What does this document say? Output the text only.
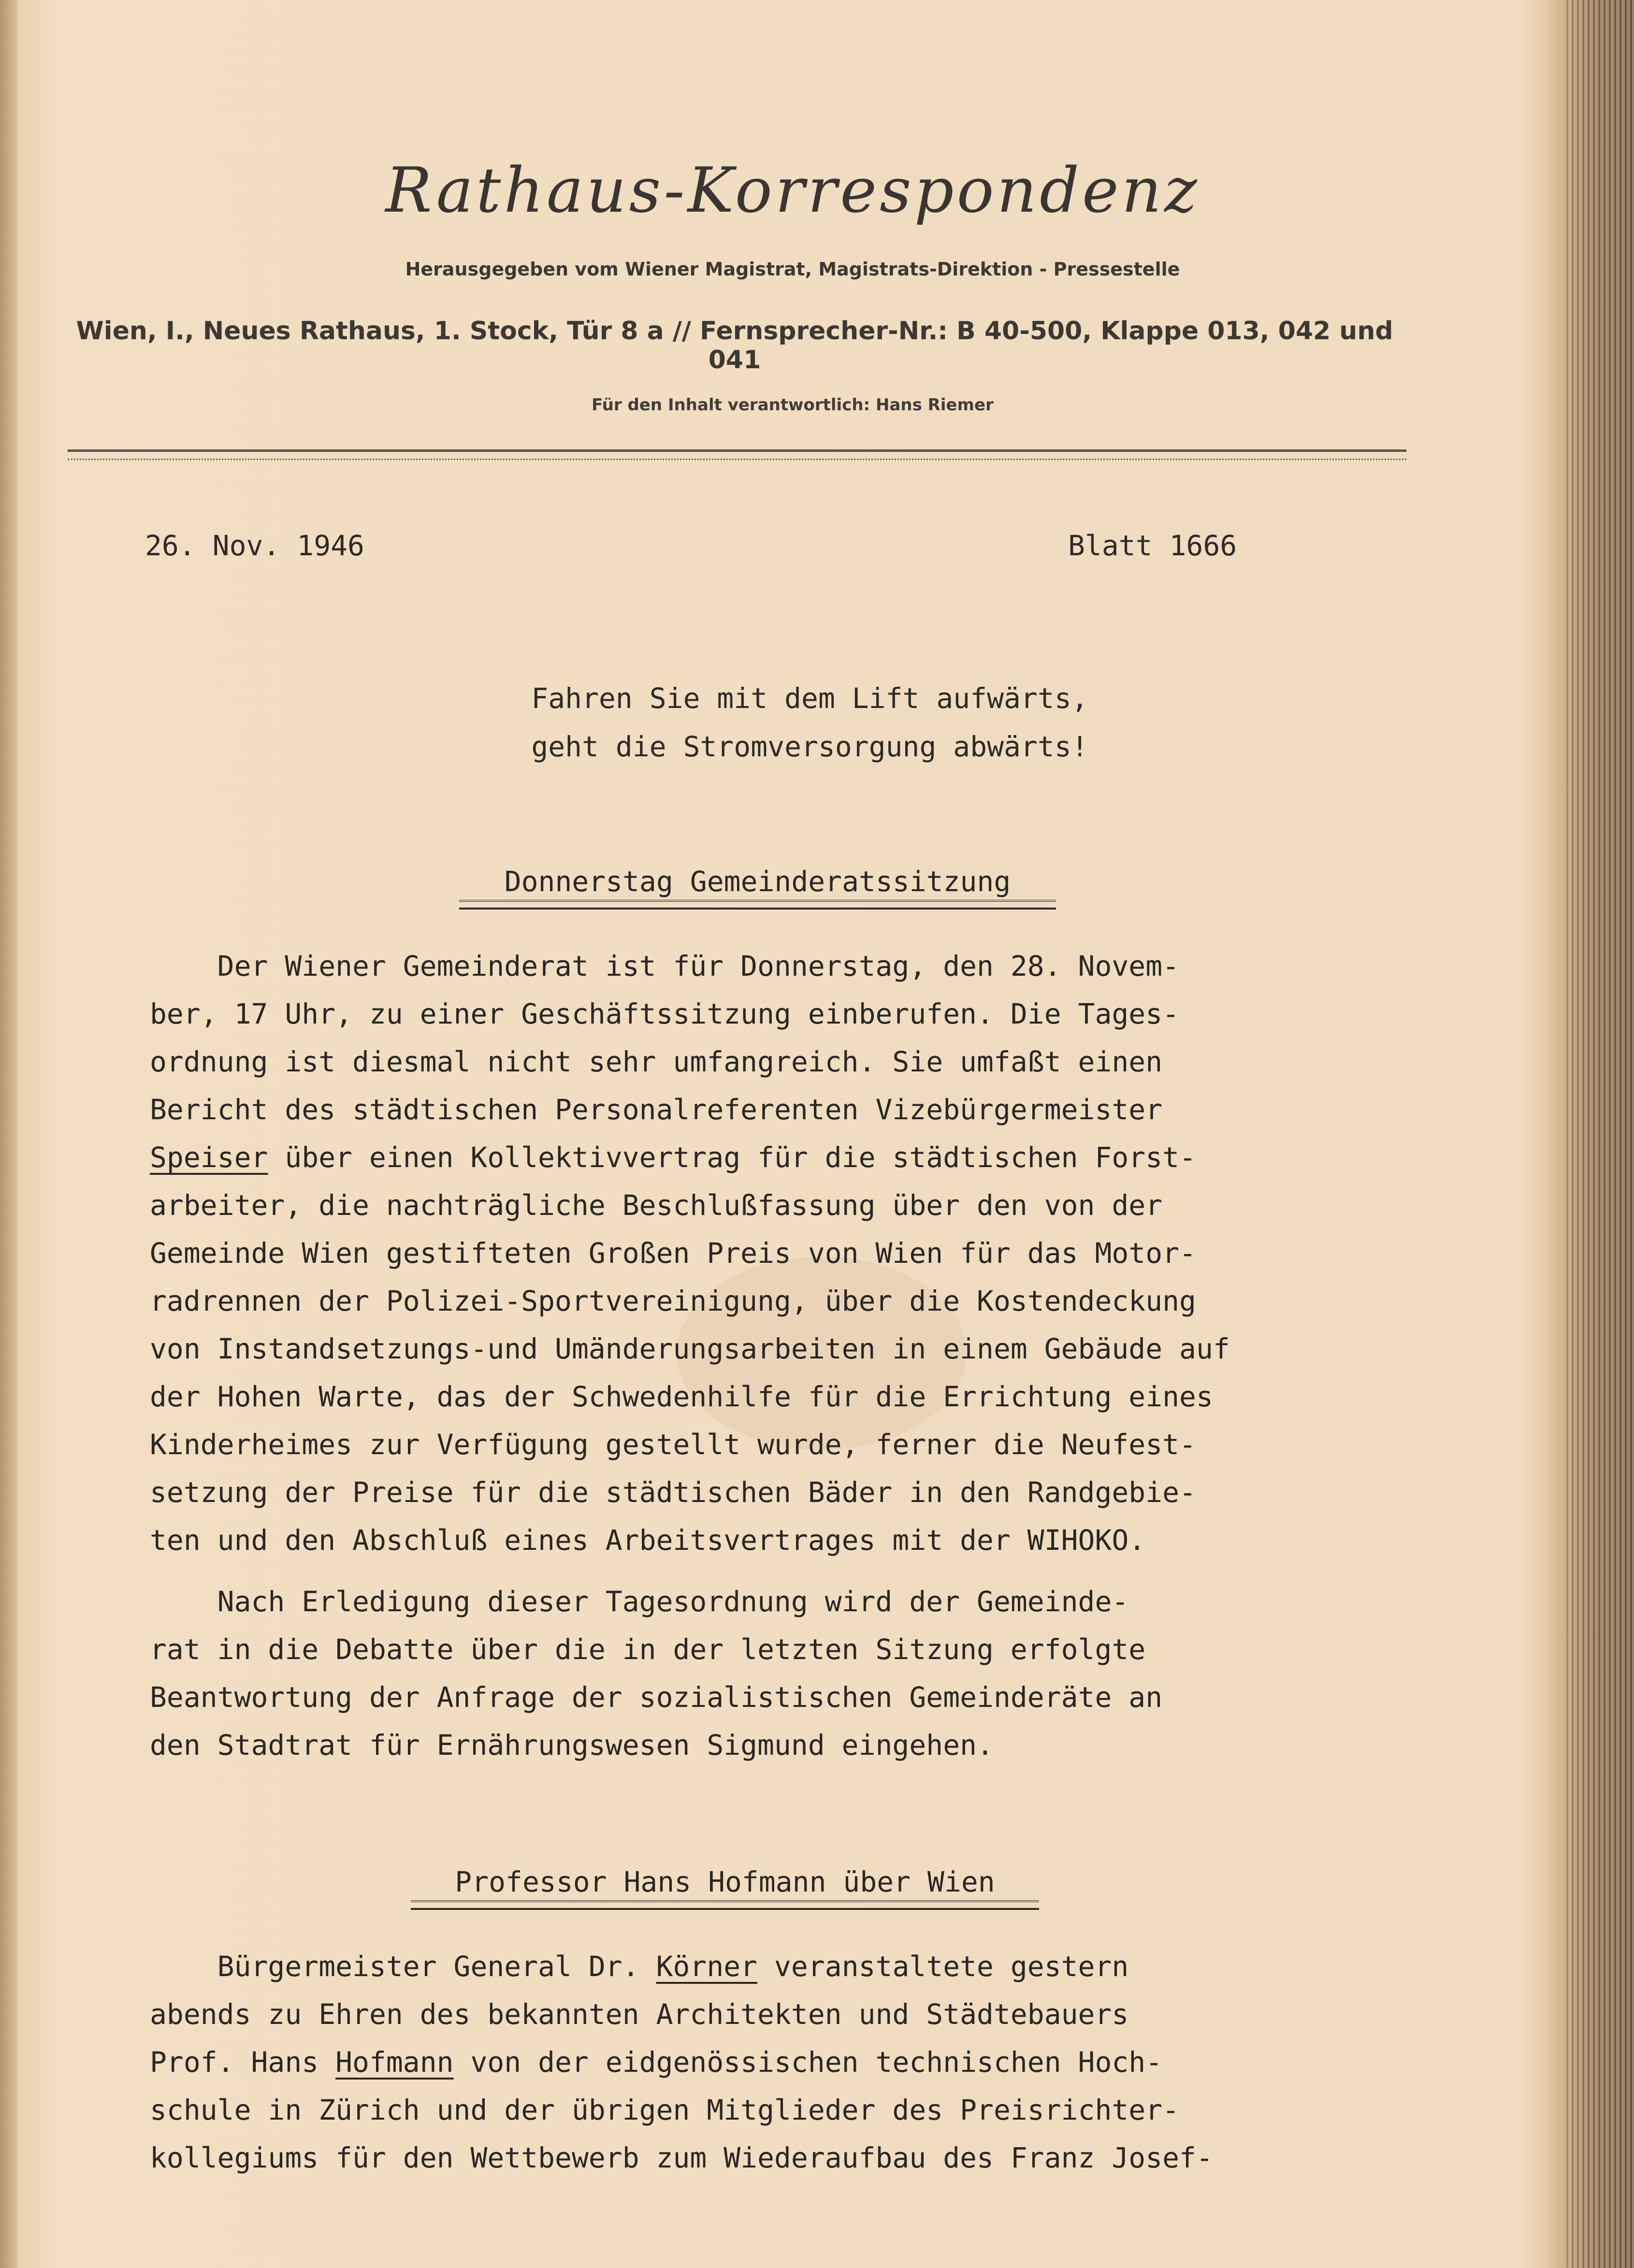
Rathaus-Korrespondenz
Herausgegeben vom Wiener Magistrat, Magistrats-Direktion - Pressestelle
Wien, I., Neues Rathaus, 1. Stock, Tür 8 a // Fernsprecher-Nr.: B 40-500, Klappe 013, 042 und 041
Für den Inhalt verantwortlich: Hans Riemer
26. Nov. 1946	Blatt 1666
Fahren Sie mit dem Lift aufwärts,
geht die Stromversorgung abwärts!
Donnerstag Gemeinderatssitzung
Der Wiener Gemeinderat ist für Donnerstag, den 28. Novem-
ber, 17 Uhr, zu einer Geschäftssitzung einberufen. Die Tages-
ordnung ist diesmal nicht sehr umfangreich. Sie umfaßt einen
Bericht des städtischen Personalreferenten Vizebürgermeister
Speiser über einen Kollektivvertrag für die städtischen Forst-
arbeiter, die nachträgliche Beschlußfassung über den von der
Gemeinde Wien gestifteten Großen Preis von Wien für das Motor-
radrennen der Polizei-Sportvereinigung, über die Kostendeckung
von Instandsetzungs-und Umänderungsarbeiten in einem Gebäude auf
der Hohen Warte, das der Schwedenhilfe für die Errichtung eines
Kinderheimes zur Verfügung gestellt wurde, ferner die Neufest-
setzung der Preise für die städtischen Bäder in den Randgebie-
ten und den Abschluß eines Arbeitsvertrages mit der WIHOKO.
Nach Erledigung dieser Tagesordnung wird der Gemeinde-
rat in die Debatte über die in der letzten Sitzung erfolgte
Beantwortung der Anfrage der sozialistischen Gemeinderäte an
den Stadtrat für Ernährungswesen Sigmund eingehen.
Professor Hans Hofmann über Wien
Bürgermeister General Dr. Körner veranstaltete gestern
abends zu Ehren des bekannten Architekten und Städtebauers
Prof. Hans Hofmann von der eidgenössischen technischen Hoch-
schule in Zürich und der übrigen Mitglieder des Preisrichter-
kollegiums für den Wettbewerb zum Wiederaufbau des Franz Josef-
